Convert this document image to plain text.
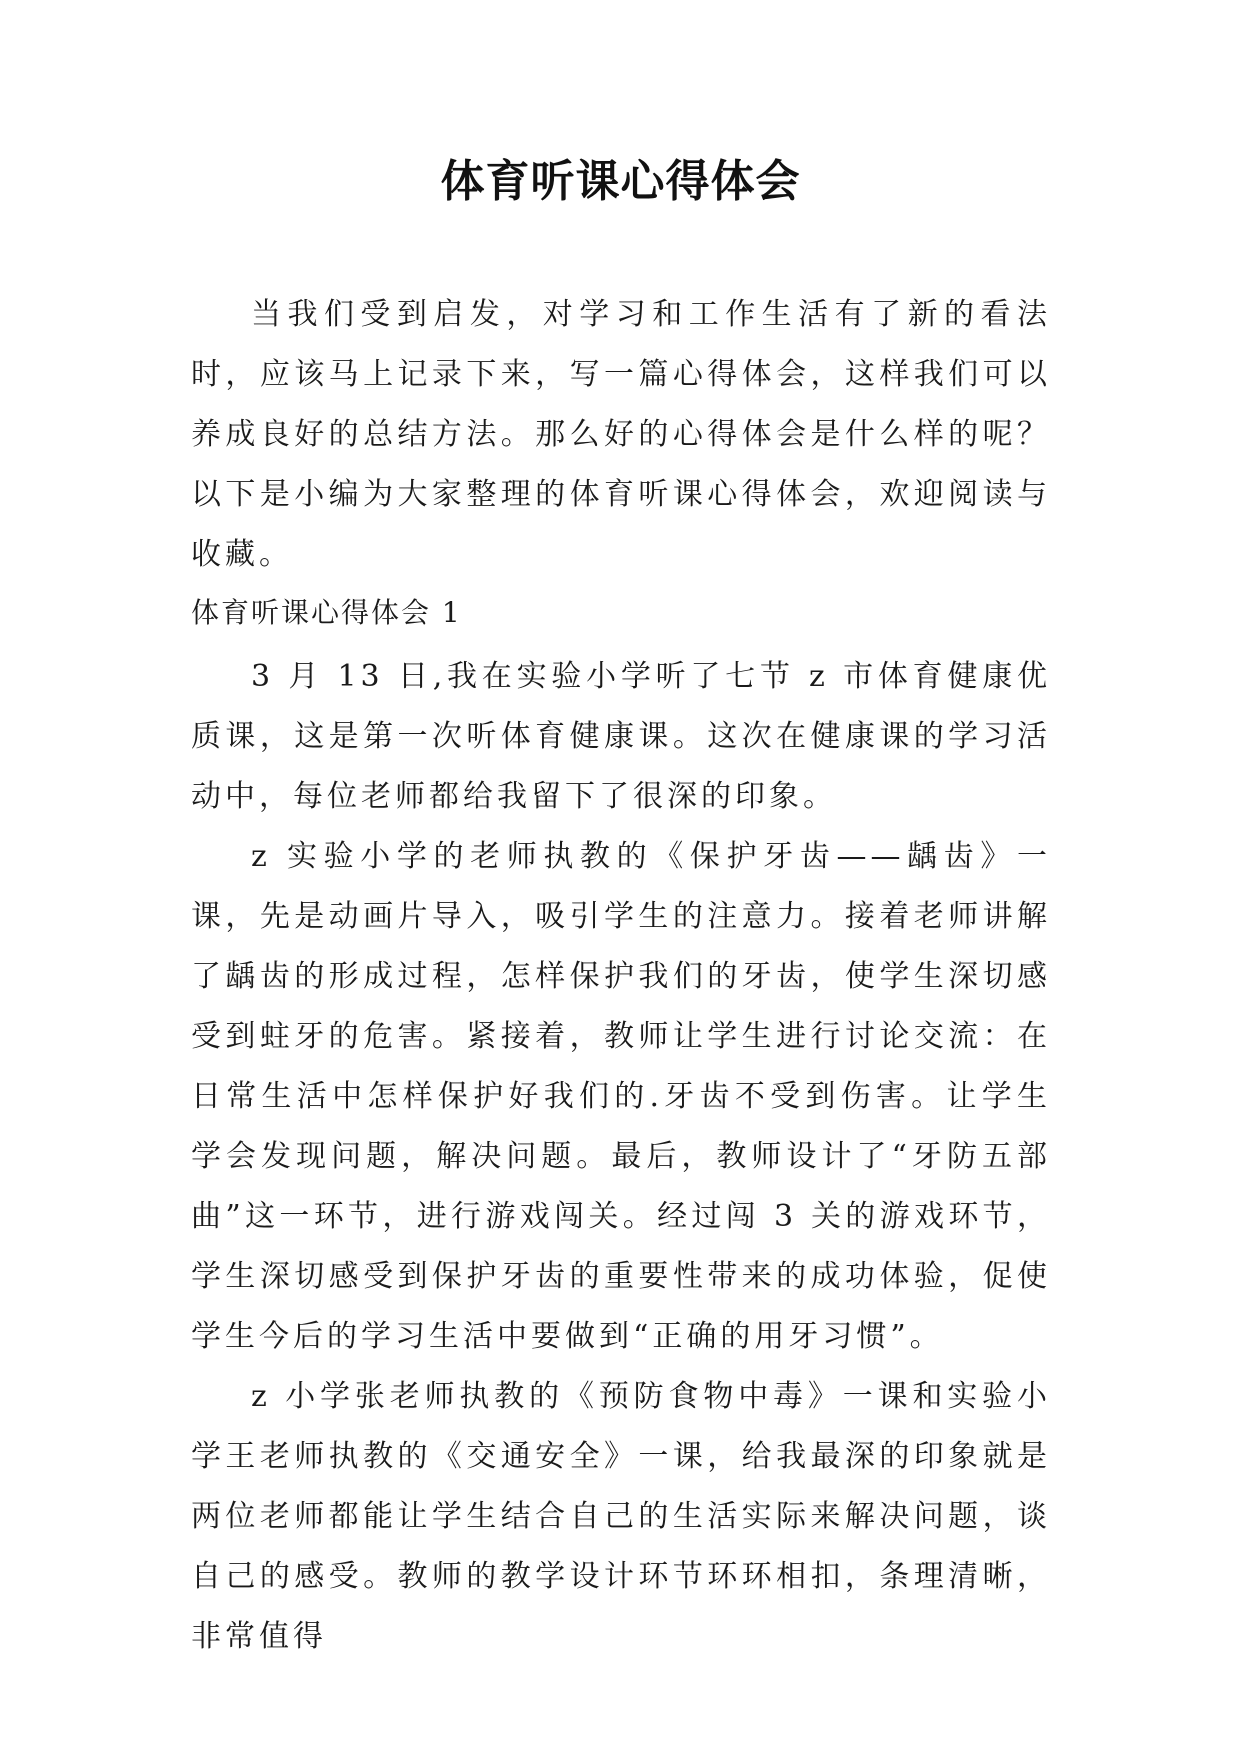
体育听课心得体会

当我们受到启发，对学习和工作生活有了新的看法时，应该马上记录下来，写一篇心得体会，这样我们可以养成良好的总结方法。那么好的心得体会是什么样的呢？以下是小编为大家整理的体育听课心得体会，欢迎阅读与收藏。

体育听课心得体会 1

3 月 13 日,我在实验小学听了七节 z 市体育健康优质课，这是第一次听体育健康课。这次在健康课的学习活动中，每位老师都给我留下了很深的印象。

z 实验小学的老师执教的《保护牙齿——龋齿》一课，先是动画片导入，吸引学生的注意力。接着老师讲解了龋齿的形成过程，怎样保护我们的牙齿，使学生深切感受到蛀牙的危害。紧接着，教师让学生进行讨论交流：在日常生活中怎样保护好我们的.牙齿不受到伤害。让学生学会发现问题，解决问题。最后，教师设计了“牙防五部曲”这一环节，进行游戏闯关。经过闯 3 关的游戏环节，学生深切感受到保护牙齿的重要性带来的成功体验，促使学生今后的学习生活中要做到“正确的用牙习惯”。

z 小学张老师执教的《预防食物中毒》一课和实验小学王老师执教的《交通安全》一课，给我最深的印象就是两位老师都能让学生结合自己的生活实际来解决问题，谈自己的感受。教师的教学设计环节环环相扣，条理清晰，非常值得
